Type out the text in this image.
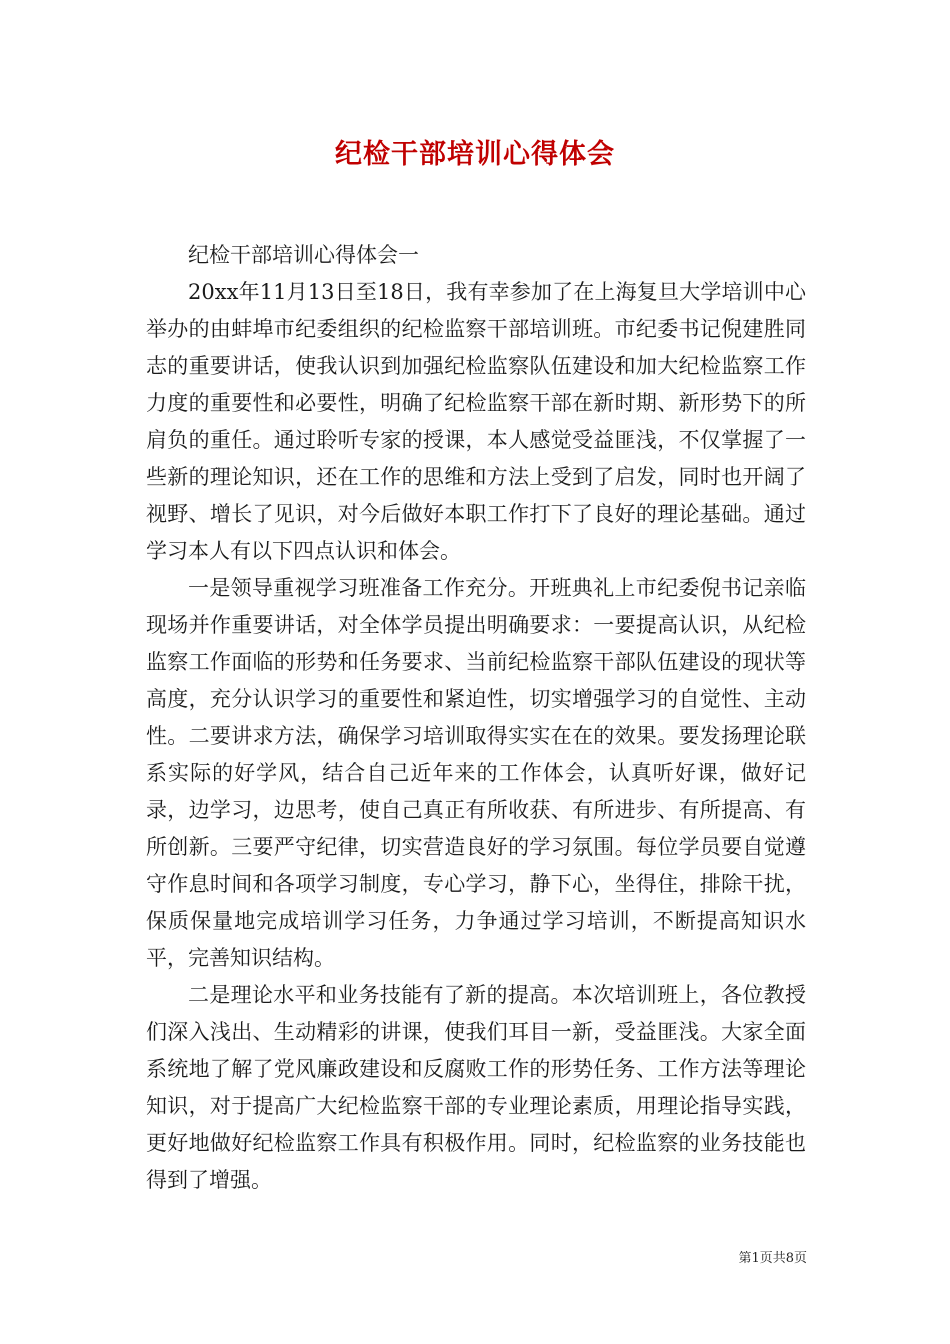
纪检干部培训心得体会

纪检干部培训心得体会一

20xx年11月13日至18日，我有幸参加了在上海复旦大学培训中心举办的由蚌埠市纪委组织的纪检监察干部培训班。市纪委书记倪建胜同志的重要讲话，使我认识到加强纪检监察队伍建设和加大纪检监察工作力度的重要性和必要性，明确了纪检监察干部在新时期、新形势下的所肩负的重任。通过聆听专家的授课，本人感觉受益匪浅，不仅掌握了一些新的理论知识，还在工作的思维和方法上受到了启发，同时也开阔了视野、增长了见识，对今后做好本职工作打下了良好的理论基础。通过学习本人有以下四点认识和体会。

一是领导重视学习班准备工作充分。开班典礼上市纪委倪书记亲临现场并作重要讲话，对全体学员提出明确要求：一要提高认识，从纪检监察工作面临的形势和任务要求、当前纪检监察干部队伍建设的现状等高度，充分认识学习的重要性和紧迫性，切实增强学习的自觉性、主动性。二要讲求方法，确保学习培训取得实实在在的效果。要发扬理论联系实际的好学风，结合自己近年来的工作体会，认真听好课，做好记录，边学习，边思考，使自己真正有所收获、有所进步、有所提高、有所创新。三要严守纪律，切实营造良好的学习氛围。每位学员要自觉遵守作息时间和各项学习制度，专心学习，静下心，坐得住，排除干扰，保质保量地完成培训学习任务，力争通过学习培训，不断提高知识水平，完善知识结构。

二是理论水平和业务技能有了新的提高。本次培训班上，各位教授们深入浅出、生动精彩的讲课，使我们耳目一新，受益匪浅。大家全面系统地了解了党风廉政建设和反腐败工作的形势任务、工作方法等理论知识，对于提高广大纪检监察干部的专业理论素质，用理论指导实践，更好地做好纪检监察工作具有积极作用。同时，纪检监察的业务技能也得到了增强。

第1页共8页
